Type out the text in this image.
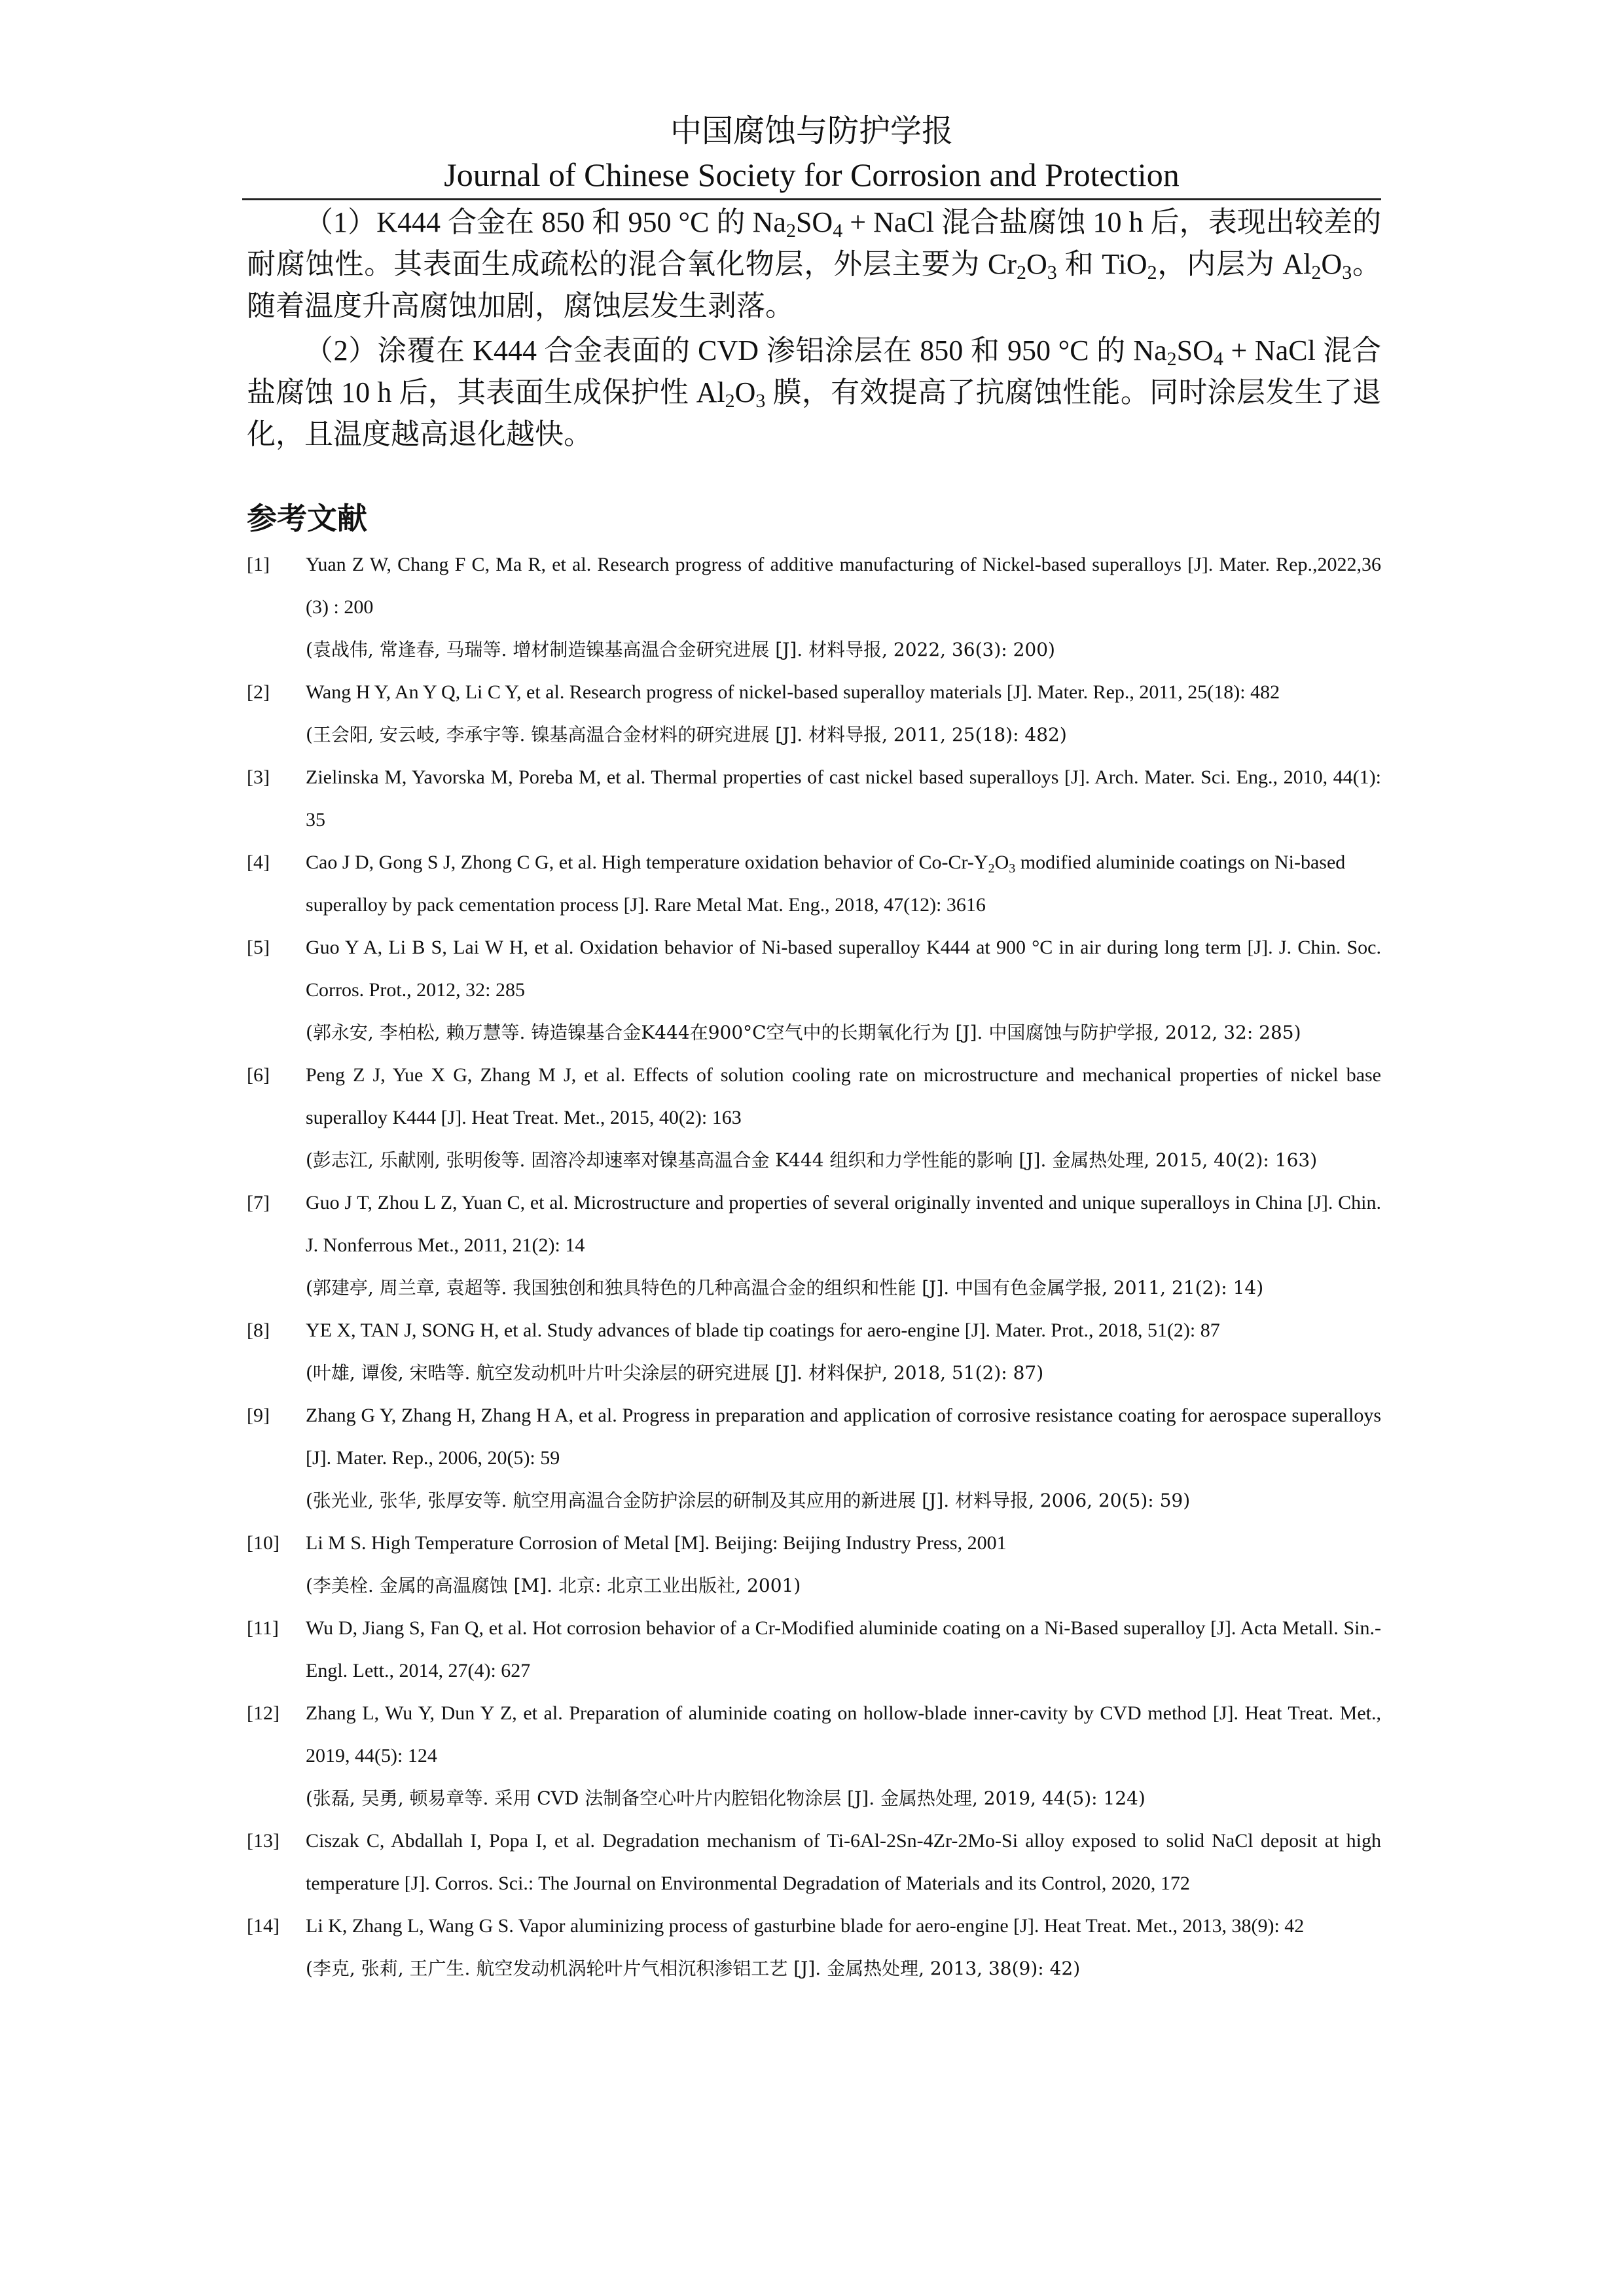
中国腐蚀与防护学报
Journal of Chinese Society for Corrosion and Protection

（1）K444 合金在 850 和 950 °C 的 $Na_2SO_4$ + NaCl 混合盐腐蚀 10 h 后，表现出较差的耐腐蚀性。其表面生成疏松的混合氧化物层，外层主要为 $Cr_2O_3$ 和 TiO$_2$，内层为 $Al_2O_3$。随着温度升高腐蚀加剧，腐蚀层发生剥落。

（2）涂覆在 K444 合金表面的 CVD 渗铝涂层在 850 和 950 °C 的 $Na_2SO_4$ + NaCl 混合盐腐蚀 10 h 后，其表面生成保护性 $Al_2O_3$ 膜，有效提高了抗腐蚀性能。同时涂层发生了退化，且温度越高退化越快。

参考文献
[1] Yuan Z W, Chang F C, Ma R, et al. Research progress of additive manufacturing of Nickel-based superalloys [J]. Mater. Rep.,2022,36 (3) : 200
(袁战伟, 常逢春, 马瑞等. 增材制造镍基高温合金研究进展 [J]. 材料导报, 2022, 36(3): 200)
[2] Wang H Y, An Y Q, Li C Y, et al. Research progress of nickel-based superalloy materials [J]. Mater. Rep., 2011, 25(18): 482
(王会阳, 安云岐, 李承宇等. 镍基高温合金材料的研究进展 [J]. 材料导报, 2011, 25(18): 482)
[3] Zielinska M, Yavorska M, Poreba M, et al. Thermal properties of cast nickel based superalloys [J]. Arch. Mater. Sci. Eng., 2010, 44(1): 35
[4] Cao J D, Gong S J, Zhong C G, et al. High temperature oxidation behavior of $Co-Cr-Y_2O_3$ modified aluminide coatings on Ni-based
superalloy by pack cementation process [J]. Rare Metal Mat. Eng., 2018, 47(12): 3616
[5] Guo Y A, Li B S, Lai W H, et al. Oxidation behavior of Ni-based superalloy K444 at 900 °C in air during long term [J]. J. Chin. Soc. Corros. Prot., 2012, 32: 285
(郭永安, 李柏松, 赖万慧等. 铸造镍基合金K444在900°C空气中的长期氧化行为 [J]. 中国腐蚀与防护学报, 2012, 32: 285)
[6] Peng Z J, Yue X G, Zhang M J, et al. Effects of solution cooling rate on microstructure and mechanical properties of nickel base superalloy K444 [J]. Heat Treat. Met., 2015, 40(2): 163
(彭志江, 乐献刚, 张明俊等. 固溶冷却速率对镍基高温合金 K444 组织和力学性能的影响 [J]. 金属热处理, 2015, 40(2): 163)
[7] Guo J T, Zhou L Z, Yuan C, et al. Microstructure and properties of several originally invented and unique superalloys in China [J]. Chin. J. Nonferrous Met., 2011, 21(2): 14
(郭建亭, 周兰章, 袁超等. 我国独创和独具特色的几种高温合金的组织和性能 [J]. 中国有色金属学报, 2011, 21(2): 14)
[8] YE X, TAN J, SONG H, et al. Study advances of blade tip coatings for aero-engine [J]. Mater. Prot., 2018, 51(2): 87
(叶雄, 谭俊, 宋晧等. 航空发动机叶片叶尖涂层的研究进展 [J]. 材料保护, 2018, 51(2): 87)
[9] Zhang G Y, Zhang H, Zhang H A, et al. Progress in preparation and application of corrosive resistance coating for aerospace superalloys [J]. Mater. Rep., 2006, 20(5): 59
(张光业, 张华, 张厚安等. 航空用高温合金防护涂层的研制及其应用的新进展 [J]. 材料导报, 2006, 20(5): 59)
[10] Li M S. High Temperature Corrosion of Metal [M]. Beijing: Beijing Industry Press, 2001
(李美栓. 金属的高温腐蚀 [M]. 北京: 北京工业出版社, 2001)
[11] Wu D, Jiang S, Fan Q, et al. Hot corrosion behavior of a Cr-Modified aluminide coating on a Ni-Based superalloy [J]. Acta Metall. Sin.-Engl. Lett., 2014, 27(4): 627
[12] Zhang L, Wu Y, Dun Y Z, et al. Preparation of aluminide coating on hollow-blade inner-cavity by CVD method [J]. Heat Treat. Met., 2019, 44(5): 124
(张磊, 吴勇, 顿易章等. 采用 CVD 法制备空心叶片内腔铝化物涂层 [J]. 金属热处理, 2019, 44(5): 124)
[13] Ciszak C, Abdallah I, Popa I, et al. Degradation mechanism of Ti-6Al-2Sn-4Zr-2Mo-Si alloy exposed to solid NaCl deposit at high temperature [J]. Corros. Sci.: The Journal on Environmental Degradation of Materials and its Control, 2020, 172
[14] Li K, Zhang L, Wang G S. Vapor aluminizing process of gasturbine blade for aero-engine [J]. Heat Treat. Met., 2013, 38(9): 42
(李克, 张莉, 王广生. 航空发动机涡轮叶片气相沉积渗铝工艺 [J]. 金属热处理, 2013, 38(9): 42)
